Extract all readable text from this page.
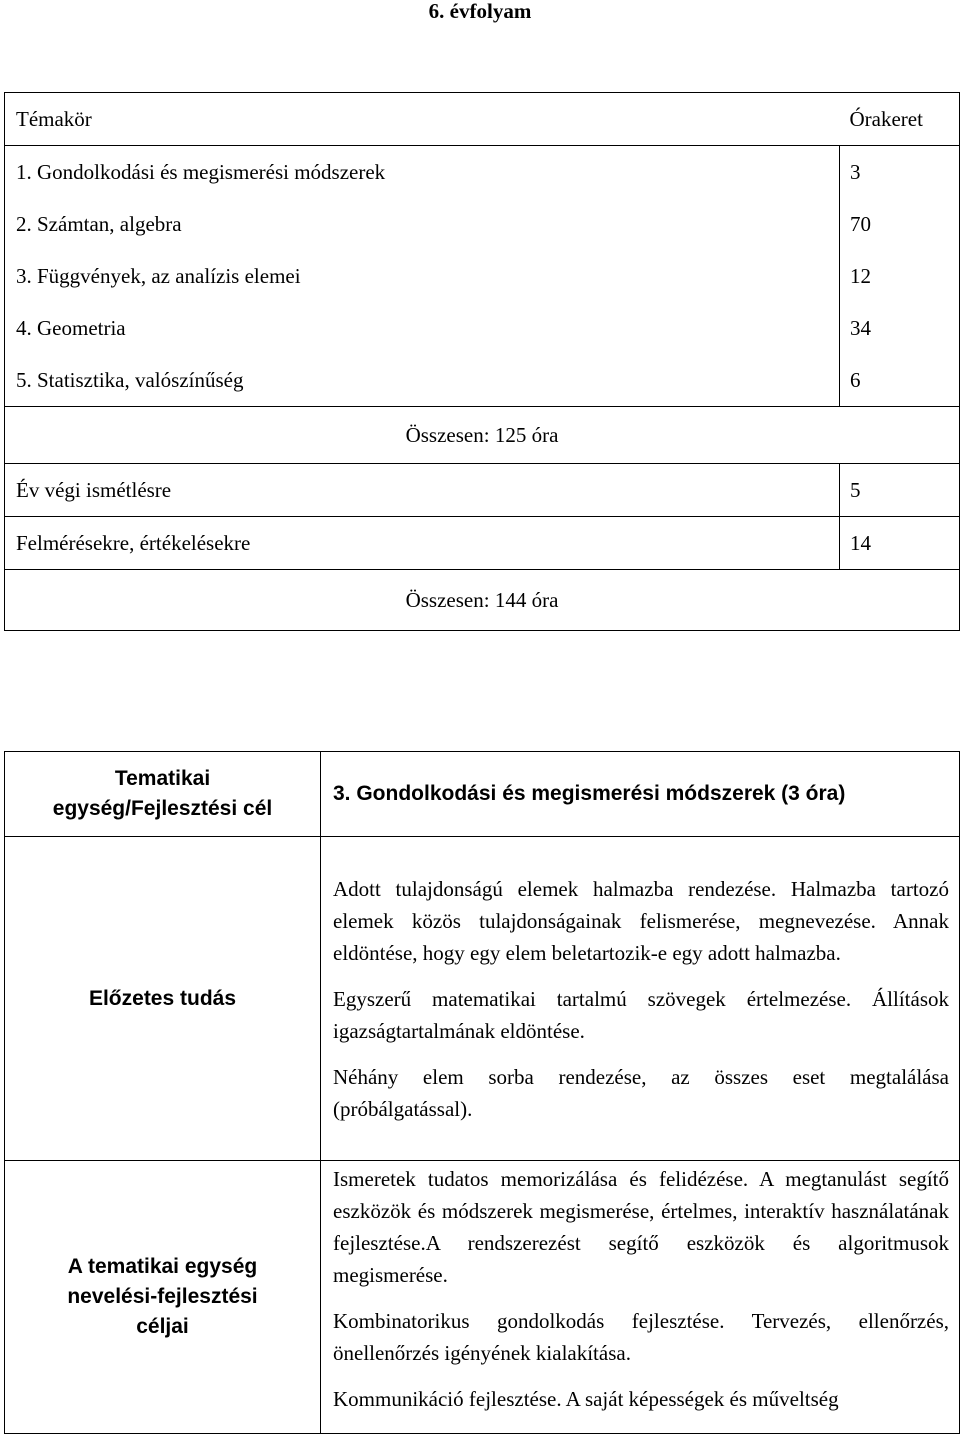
6. évfolyam
Témakör	Órakeret
1. Gondolkodási és megismerési módszerek	3
2. Számtan, algebra	70
3. Függvények, az analízis elemei	12
4. Geometria	34
5. Statisztika, valószínűség	6
Összesen: 125 óra	
Év végi ismétlésre	5
Felmérésekre, értékelésekre	14
Összesen: 144 óra	
Tematikai egység/Fejlesztési cél	3. Gondolkodási és megismerési módszerek (3 óra)
Előzetes tudás	Adott tulajdonságú elemek halmazba rendezése. Halmazba tartozó elemek közös tulajdonságainak felismerése, megnevezése. Annak eldöntése, hogy egy elem beletartozik-e egy adott halmazba.

Egyszerű matematikai tartalmú szövegek értelmezése. Állítások igazságtartalmának eldöntése.

Néhány elem sorba rendezése, az összes eset megtalálása (próbálgatással).

A tematikai egység nevelési-fejlesztési céljai	Ismeretek tudatos memorizálása és felidézése. A megtanulást segítő eszközök és módszerek megismerése, értelmes, interaktív használatának fejlesztése.A rendszerezést segítő eszközök és algoritmusok megismerése.

Kombinatorikus gondolkodás fejlesztése. Tervezés, ellenőrzés, önellenőrzés igényének kialakítása.

Kommunikáció fejlesztése. A saját képességek és műveltség
